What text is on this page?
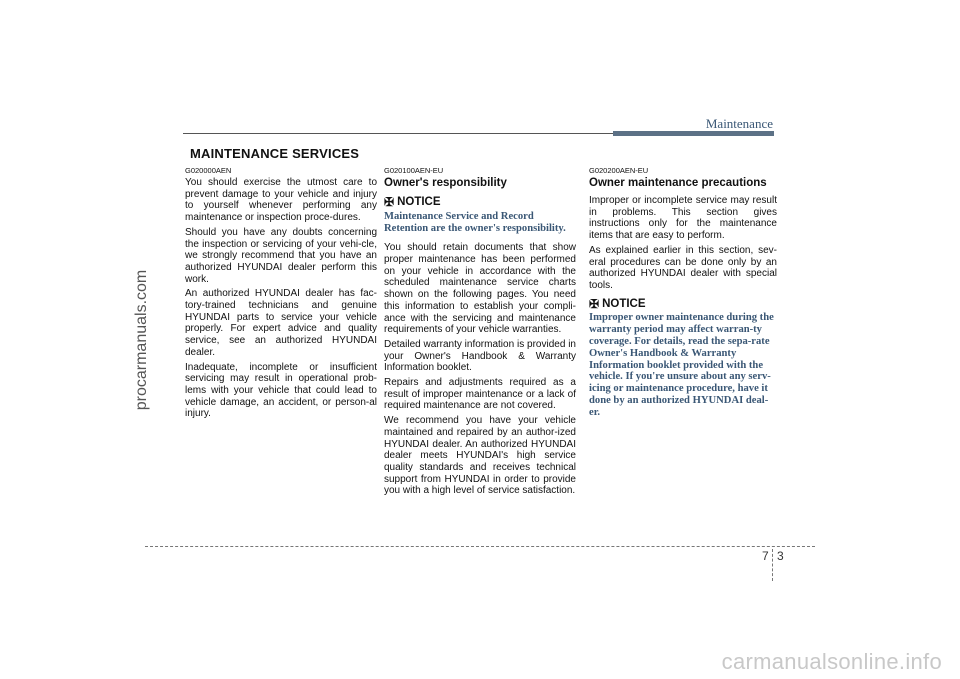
Maintenance
MAINTENANCE SERVICES
G020000AEN

You should exercise the utmost care to prevent damage to your vehicle and injury to yourself whenever performing any maintenance or inspection proce-dures.

Should you have any doubts concerning the inspection or servicing of your vehi-cle, we strongly recommend that you have an authorized HYUNDAI dealer perform this work.

An authorized HYUNDAI dealer has fac-tory-trained technicians and genuine HYUNDAI parts to service your vehicle properly. For expert advice and quality service, see an authorized HYUNDAI dealer.

Inadequate, incomplete or insufficient servicing may result in operational prob-lems with your vehicle that could lead to vehicle damage, an accident, or person-al injury.

G020100AEN-EU
Owner's responsibility
✠ NOTICE

Maintenance Service and Record Retention are the owner's responsibility.

You should retain documents that show proper maintenance has been performed on your vehicle in accordance with the scheduled maintenance service charts shown on the following pages. You need this information to establish your compli-ance with the servicing and maintenance requirements of your vehicle warranties.

Detailed warranty information is provided in your Owner's Handbook & Warranty Information booklet.

Repairs and adjustments required as a result of improper maintenance or a lack of required maintenance are not covered.

We recommend you have your vehicle maintained and repaired by an author-ized HYUNDAI dealer. An authorized HYUNDAI dealer meets HYUNDAI's high service quality standards and receives technical support from HYUNDAI in order to provide you with a high level of service satisfaction.

G020200AEN-EU
Owner maintenance precautions

Improper or incomplete service may result in problems. This section gives instructions only for the maintenance items that are easy to perform.

As explained earlier in this section, sev-eral procedures can be done only by an authorized HYUNDAI dealer with special tools.

✠ NOTICE

Improper owner maintenance during the warranty period may affect warran-ty coverage. For details, read the sepa-rate Owner's Handbook & Warranty Information booklet provided with the vehicle. If you're unsure about any serv-icing or maintenance procedure, have it done by an authorized HYUNDAI deal-er.

7 3
procarmanuals.com
carmanualsonline.info
